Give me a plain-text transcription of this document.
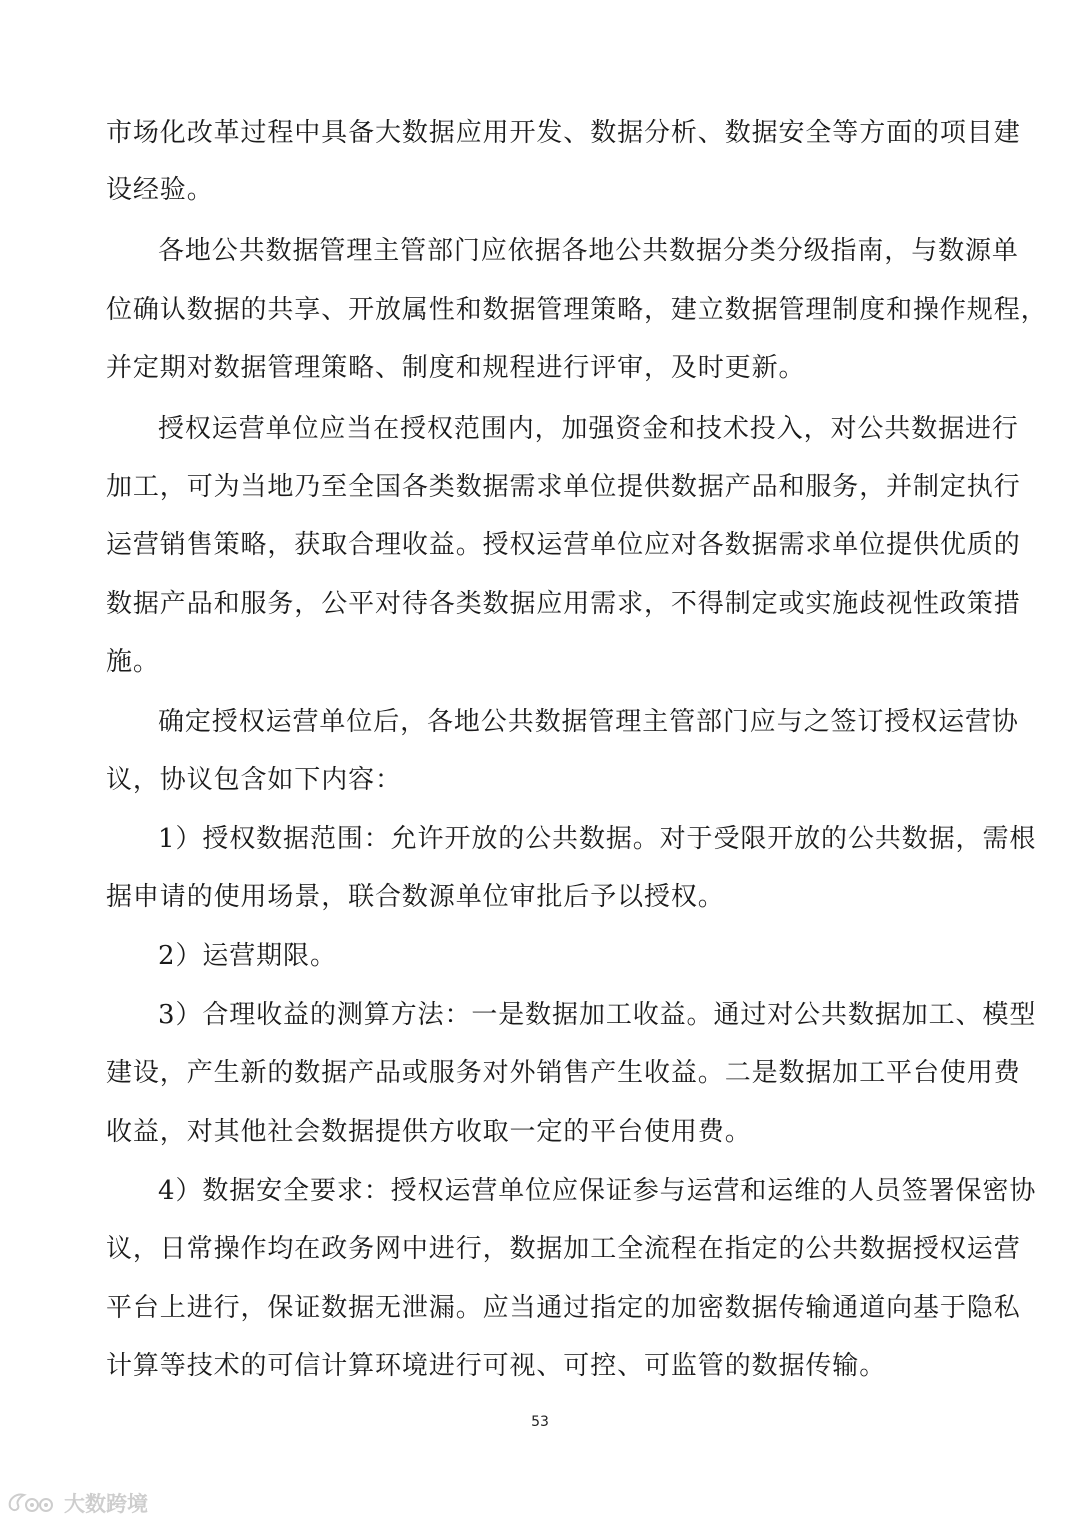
市场化改革过程中具备大数据应用开发、数据分析、数据安全等方面的项目建
设经验。
各地公共数据管理主管部门应依据各地公共数据分类分级指南，与数源单
位确认数据的共享、开放属性和数据管理策略，建立数据管理制度和操作规程，
并定期对数据管理策略、制度和规程进行评审，及时更新。
授权运营单位应当在授权范围内，加强资金和技术投入，对公共数据进行
加工，可为当地乃至全国各类数据需求单位提供数据产品和服务，并制定执行
运营销售策略，获取合理收益。授权运营单位应对各数据需求单位提供优质的
数据产品和服务，公平对待各类数据应用需求，不得制定或实施歧视性政策措
施。
确定授权运营单位后，各地公共数据管理主管部门应与之签订授权运营协
议，协议包含如下内容：
1）授权数据范围：允许开放的公共数据。对于受限开放的公共数据，需根
据申请的使用场景，联合数源单位审批后予以授权。
2）运营期限。
3）合理收益的测算方法：一是数据加工收益。通过对公共数据加工、模型
建设，产生新的数据产品或服务对外销售产生收益。二是数据加工平台使用费
收益，对其他社会数据提供方收取一定的平台使用费。
4）数据安全要求：授权运营单位应保证参与运营和运维的人员签署保密协
议，日常操作均在政务网中进行，数据加工全流程在指定的公共数据授权运营
平台上进行，保证数据无泄漏。应当通过指定的加密数据传输通道向基于隐私
计算等技术的可信计算环境进行可视、可控、可监管的数据传输。
53
大数跨境
